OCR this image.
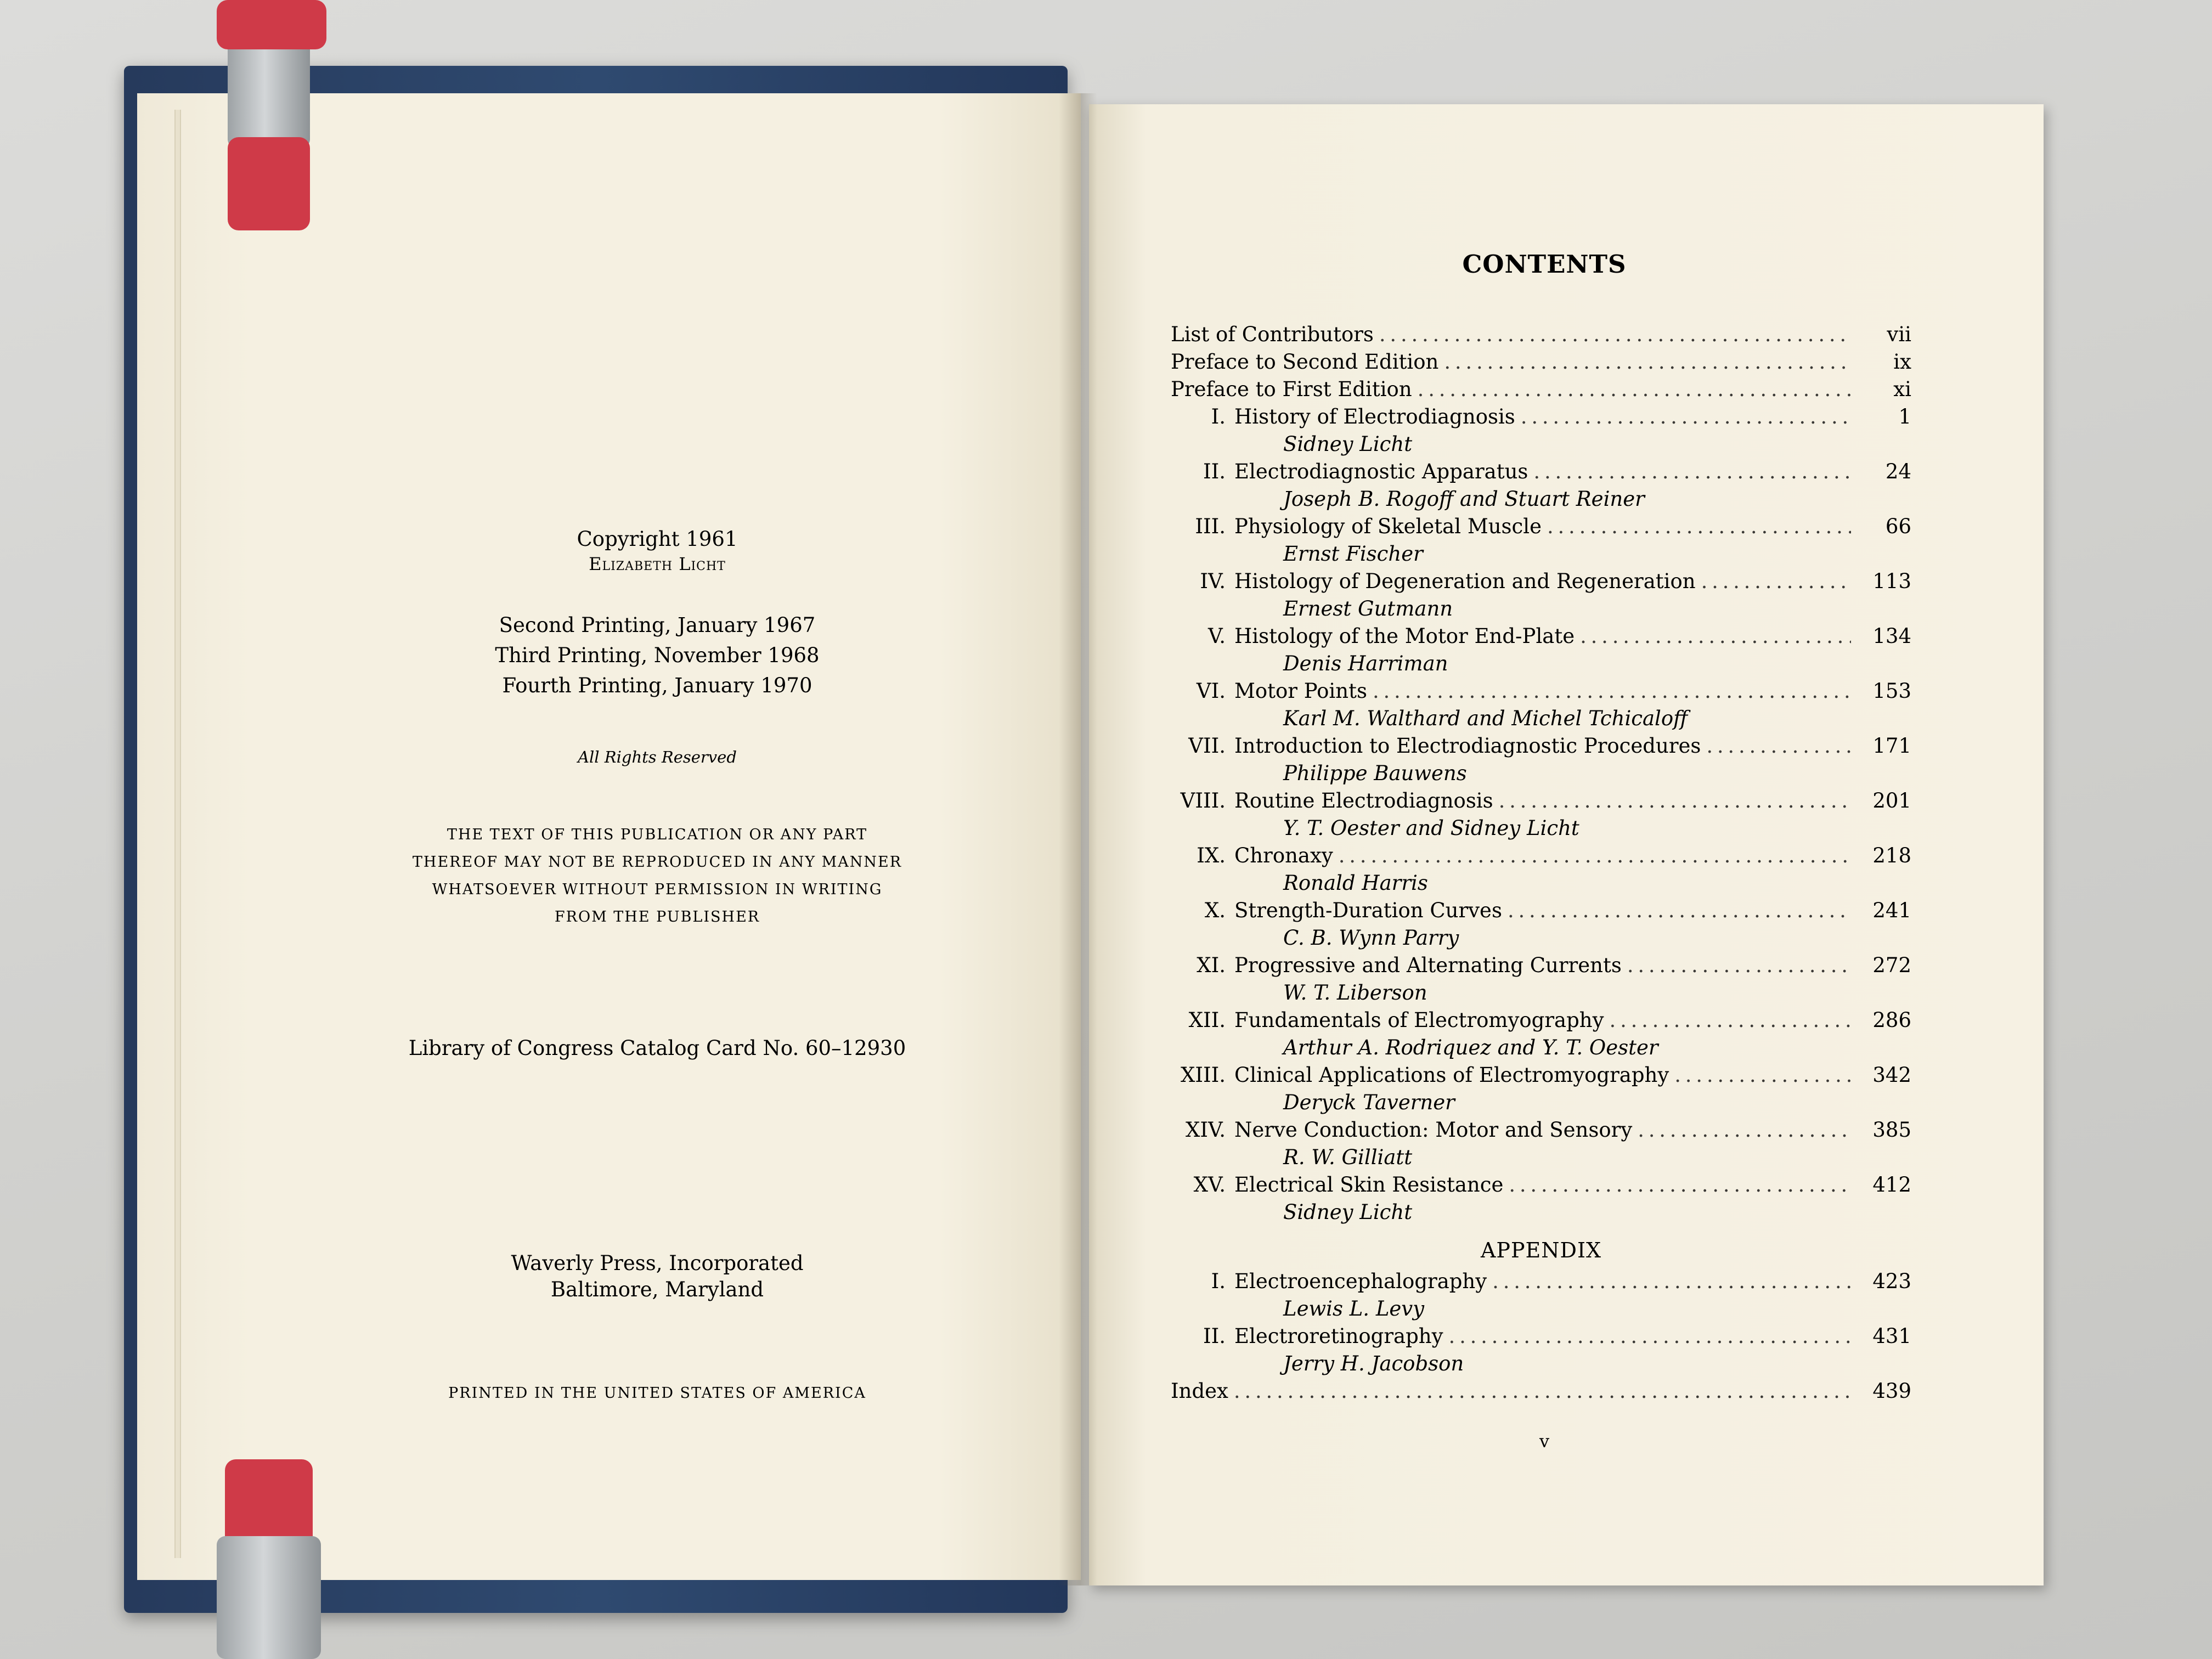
Copyright 1961
Elizabeth Licht
Second Printing, January 1967
Third Printing, November 1968
Fourth Printing, January 1970
All Rights Reserved
THE TEXT OF THIS PUBLICATION OR ANY PART
THEREOF MAY NOT BE REPRODUCED IN ANY MANNER
WHATSOEVER WITHOUT PERMISSION IN WRITING
FROM THE PUBLISHER
Library of Congress Catalog Card No. 60–12930
Waverly Press, Incorporated
Baltimore, Maryland
PRINTED IN THE UNITED STATES OF AMERICA
CONTENTS
List of Contributors . . .	vii
Preface to Second Edition . . .	ix
Preface to First Edition . . .	xi
I. History of Electrodiagnosis . . .	1
Sidney Licht
II. Electrodiagnostic Apparatus . . .	24
Joseph B. Rogoff and Stuart Reiner
III. Physiology of Skeletal Muscle . . .	66
Ernst Fischer
IV. Histology of Degeneration and Regeneration . . .	113
Ernest Gutmann
V. Histology of the Motor End-Plate . . .	134
Denis Harriman
VI. Motor Points . . .	153
Karl M. Walthard and Michel Tchicaloff
VII. Introduction to Electrodiagnostic Procedures . . .	171
Philippe Bauwens
VIII. Routine Electrodiagnosis . . .	201
Y. T. Oester and Sidney Licht
IX. Chronaxy . . .	218
Ronald Harris
X. Strength-Duration Curves . . .	241
C. B. Wynn Parry
XI. Progressive and Alternating Currents . . .	272
W. T. Liberson
XII. Fundamentals of Electromyography . . .	286
Arthur A. Rodriquez and Y. T. Oester
XIII. Clinical Applications of Electromyography . . .	342
Deryck Taverner
XIV. Nerve Conduction: Motor and Sensory . . .	385
R. W. Gilliatt
XV. Electrical Skin Resistance . . .	412
Sidney Licht
APPENDIX
I. Electroencephalography . . .	423
Lewis L. Levy
II. Electroretinography . . .	431
Jerry H. Jacobson
Index . . .	439
v
